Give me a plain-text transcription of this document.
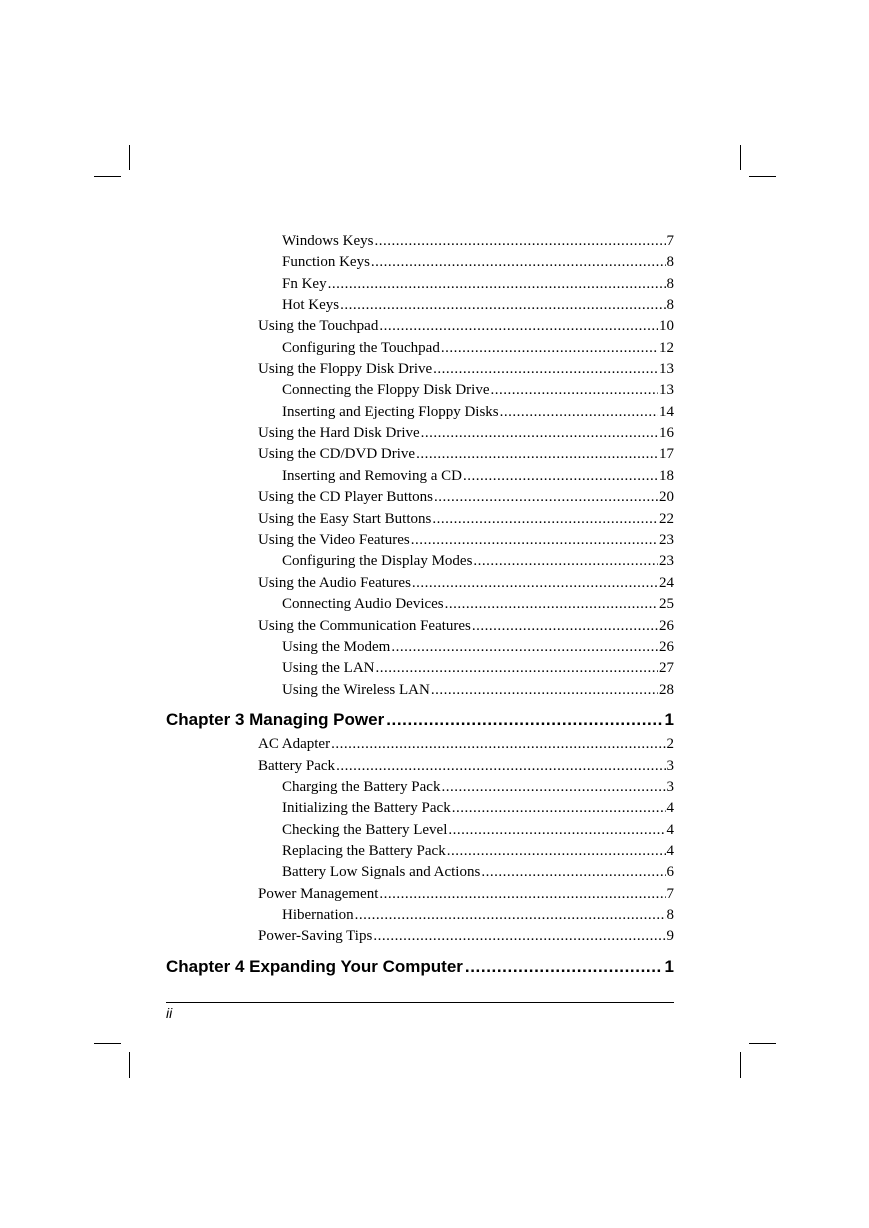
Windows Keys .....	7
Function Keys .....	8
Fn Key .....	8
Hot Keys .....	8
Using the Touchpad .....	10
Configuring the Touchpad .....	12
Using the Floppy Disk Drive .....	13
Connecting the Floppy Disk Drive .....	13
Inserting and Ejecting Floppy Disks .....	14
Using the Hard Disk Drive .....	16
Using the CD/DVD Drive .....	17
Inserting and Removing a CD .....	18
Using the CD Player Buttons .....	20
Using the Easy Start Buttons .....	22
Using the Video Features .....	23
Configuring the Display Modes .....	23
Using the Audio Features .....	24
Connecting Audio Devices .....	25
Using the Communication Features .....	26
Using the Modem .....	26
Using the LAN .....	27
Using the Wireless LAN .....	28
Chapter 3 Managing Power .....	1
AC Adapter .....	2
Battery Pack .....	3
Charging the Battery Pack .....	3
Initializing the Battery Pack .....	4
Checking the Battery Level .....	4
Replacing the Battery Pack .....	4
Battery Low Signals and Actions .....	6
Power Management .....	7
Hibernation .....	8
Power-Saving Tips .....	9
Chapter 4 Expanding Your Computer .....	1
ii
